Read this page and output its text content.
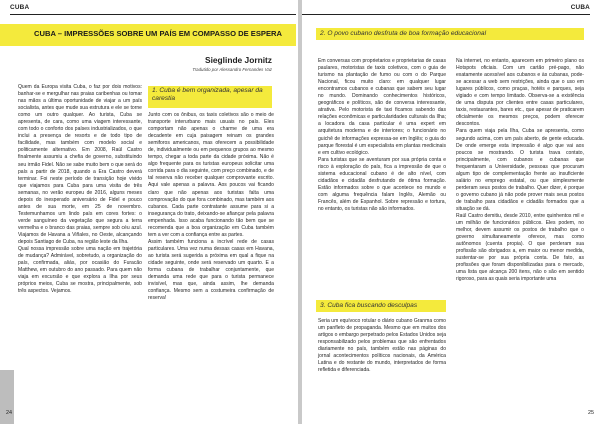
CUBA
CUBA – IMPRESSÕES SOBRE UM PAÍS EM COMPASSO DE ESPERA
Sieglinde Jornitz
Tradutido por Alessandro Fernandes Vaz
Quem da Europa visita Cuba, o faz por dois motivos: banhar-se e mergulhar nas praias caribenhas ou tomar nas mãos a última oportunidade de viajar a um país socialista, antes que mude sua estrutura e ele se torne como um outro qualquer. Ao turista, Cuba se apresenta, de cara, como uma viagem interessante, com todo o conforto dos países industrializados, o que inclui a presença de resorts e de todo tipo de facilidade, mas também com modelo social e politicamente alternativo. Em 2008, Raúl Castro finalmente assumiu a chefia de governo, substituindo seu irmão Fidel. Não se sabe muito bem o que será do país a partir de 2018, quando a Era Castro deverá terminar. Foi neste período de transição hoje vivido que viajamos para Cuba para uma visita de três semanas, no verão europeu de 2016, alguns meses depois do inesperado aniversário de Fidel e pouco antes de sua morte, em 25 de novembro. Testemunhamos um lindo país em cores fortes: o verde sanguíneo da vegetação que segura a terra vermelha e o branco das praias, sempre sob céu azul. Viajamos de Havana a Viñales, no Oeste, alcançando depois Santiago de Cuba, na região leste da Ilha.
Qual nossa impressão sobre uma nação em trajetória de mudança? Admirável, sobretudo, a organização do país, confirmada, aliás, por ocasião do Furacão Matthew, em outubro do ano passado. Para quem não viaja em excursão e que explora a Ilha por seus próprios meios, Cuba se mostra, principalmente, sob três aspectos. Vejamos.
1. Cuba é bem organizada, apesar da carestia
Junto com os ônibus, os taxis coletivos são o meio de transporte interurbano mais usuais no país. Eles comportam não apenas o charme de uma era decadente em cuja paisagem reinam os grandes semiforos americanos, mas oferecem a possibilidade de, individualmente ou em pequenos grupos ao mesmo tempo, chegar a toda parte da cidade próxima. Não é algo frequente para os turistas europeus solicitar uma corrida para o dia seguinte, com preço combinado, e de tal reserva não receber qualquer comprovante escrito. Aqui vale apenas a palavra. Aos poucos vai ficando claro que não apenas aos turistas falta uma comprovação do que fora combinado, mas também aos cubanos. Cada parte contratante assume para si a insegurança do trato, deixando-se afiançar pela palavra empenhada. Isso acaba funcionando tão bem que se recomenda que a boa organização em Cuba também tem a ver com a confiança entre as partes.
Assim também funciona a incrível rede de casas particulares. Uma vez numa dessas casas em Havana, ao turista será sugerida a próxima em qual a fique na cidade seguinte, onde será reservado um quarto. E a forma cubana de trabalhar conjuntamente, que demanda uma rede que para o turista permanece invisível, mas que, ainda assim, lhe demanda confiança. Mesmo sem a costumeira confirmação de reserva!
24
CUBA
2. O povo cubano desfruta de boa formação educacional
Em conversas com proprietarios e proprietarias de casas paulares, motoristas de taxis coletivos, com o guia de turismo na plantação de fumo ou com o do Parque Nacional, ficou muito claro: em qualquer lugar encontramos cubanos e cubanas que sabem seu lugar no mundo. Dominando conhecimentos históricos, geográficos e políticos, são de conversa interessante, atrativa. Pelo motorista de taxi ficamos sabendo das relações econômicas e particularidades culturais da Ilha; a locadora da casa particular é uma expert em arquitetura moderna e de interiores; o funcionário no guichê de informações expressa-se em Inglês; o guia do parque florestal é um especialista em plantas medicinais e em cultivo ecológico.
Para turistas que se aventuram por sua própria conta e risco à exploração do país, fica a impressão de que o sistema educacional cubano é de alto nível, com cidadãos e cidadãs desfrutando de ótima formação. Estão informados sobre o que acontece no mundo e com alguma frequência falam Inglês, Alemão ou Francês, além de Espanhol. Sobre repressão e tortura, no entanto, os turistas não são informados.
3. Cuba fica buscando desculpas
Seria um equívoco rotular o diário cubano Granma como um panfleto de propaganda. Mesmo que em muitos dos artigos o embargo perpetrado pelos Estados Unidos seja responsabilizado pelos problemas que são enfrentados diariamente no país, também estão nas páginas do jornal acontecimentos políticos nacionais, da América Latina e do restante do mundo, interpretados de forma refletida e diferenciada.
Na internet, no entanto, aparecem em primeiro plano os Hotspots oficiais. Com um cartão pré-pago, não exatamente acessível aos cubanos e às cubanas, pode-se acessar a web sem restrições, ainda que o uso em lugares públicos, como praças, hotéis e parques, seja vigiado e com tempo limitado. Observa-se a existência de uma disputa por clientes entre casas particulares, taxis, restaurantes, bares etc., que apesar de praticarem oficialmente os mesmos preços, podem oferecer descontos.
Para quem viaja pela Ilha, Cuba se apresenta, como segundo acima, com um país aberto, de gente educada. De onde emerge esta impressão é algo que vai aos poucos se mostrando. O turista trava contato, principalmente, com cubanos e cubanas que frequentaram a Universidade, pessoas que procuram algum tipo de complementação frente ao insuficiente salário no emprego estatal, ou que simplesmente perderam seus postos de trabalho. Quer dizer, é porque o governo cubano já não pode prover mais seus postos de trabalho para cidadãos e cidadãs formados que a situação se dá.
Raúl Castro demitiu, desde 2010, entre quinhentos mil e um milhão de funcionários públicos. Eles podem, no melhor, devem assumir os postos de trabalho que o governo simultaneamente oferece, mas como autônomos (cuenta propia). O que perderam sua profissão são obrigados a, em maior ou menor medida, sustentar-se por sua própria conta. De fato, as profissões que foram disponibilizadas para o mercado, uma lista que alcança 200 itens, não o são em sentido rigoroso, para as quais seria importante uma
25
